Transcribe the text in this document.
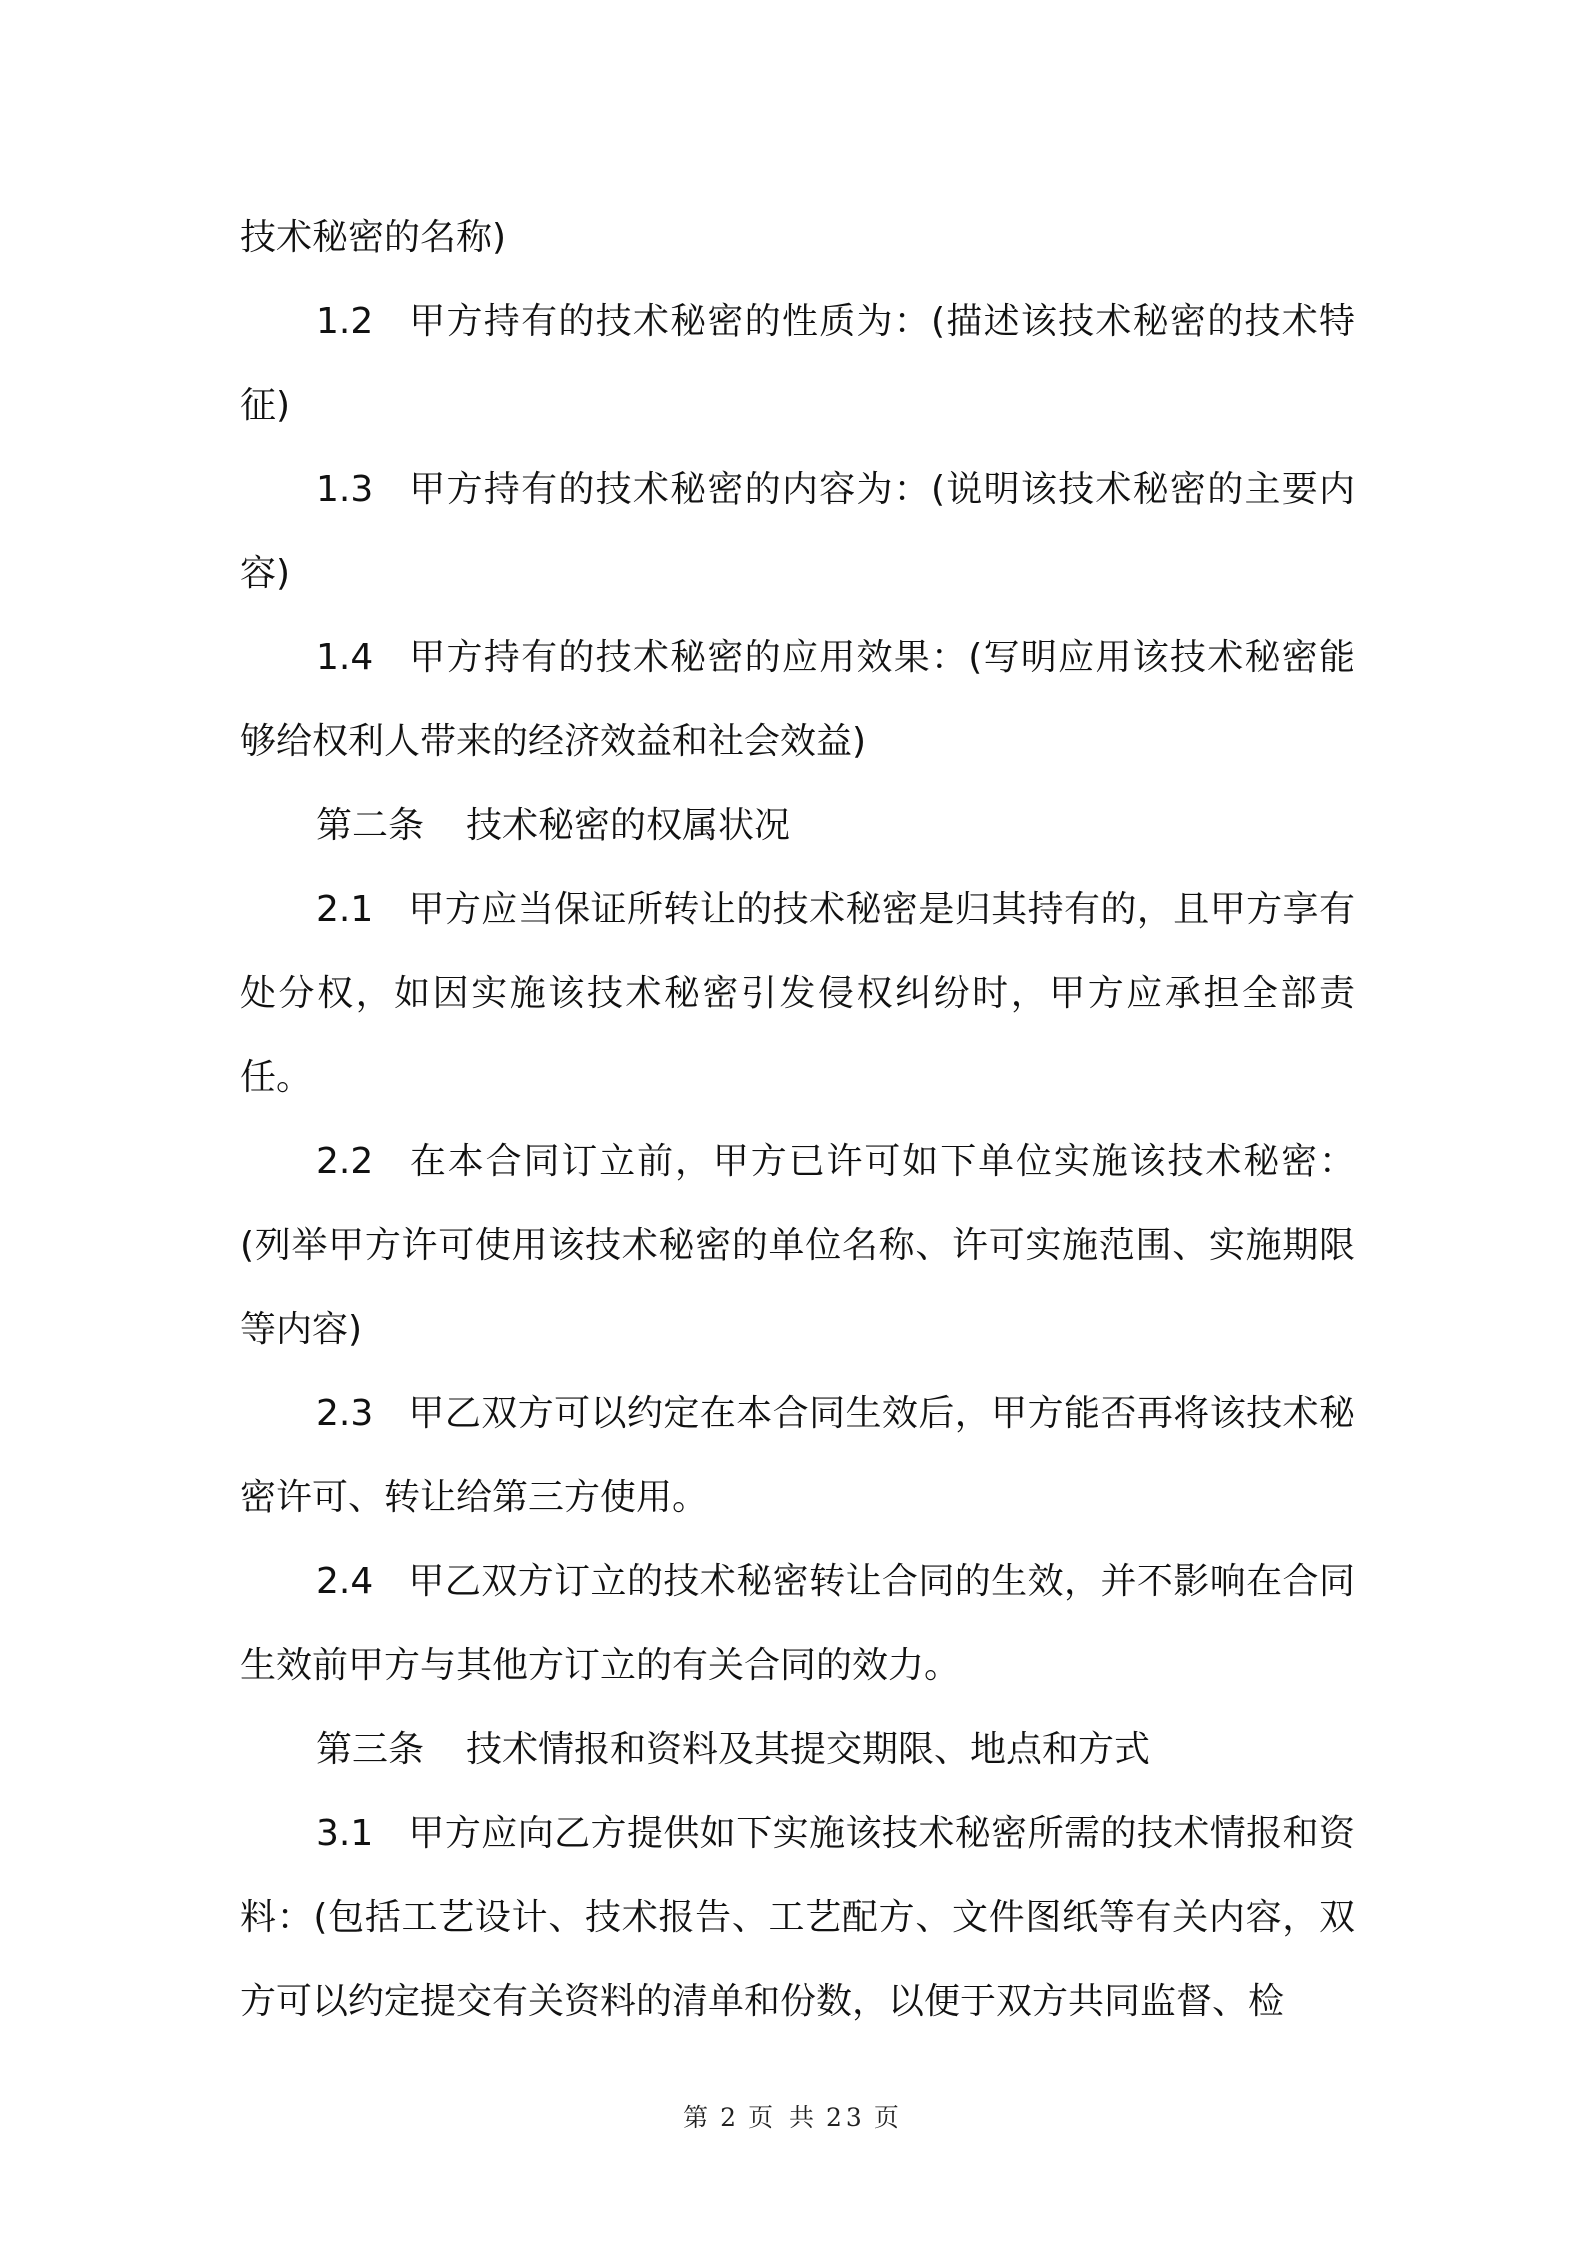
技术秘密的名称)

1.2 甲方持有的技术秘密的性质为：(描述该技术秘密的技术特征)

1.3 甲方持有的技术秘密的内容为：(说明该技术秘密的主要内容)

1.4 甲方持有的技术秘密的应用效果：(写明应用该技术秘密能够给权利人带来的经济效益和社会效益)

第二条 技术秘密的权属状况

2.1 甲方应当保证所转让的技术秘密是归其持有的，且甲方享有处分权，如因实施该技术秘密引发侵权纠纷时，甲方应承担全部责任。

2.2 在本合同订立前，甲方已许可如下单位实施该技术秘密：(列举甲方许可使用该技术秘密的单位名称、许可实施范围、实施期限等内容)

2.3 甲乙双方可以约定在本合同生效后，甲方能否再将该技术秘密许可、转让给第三方使用。

2.4 甲乙双方订立的技术秘密转让合同的生效，并不影响在合同生效前甲方与其他方订立的有关合同的效力。

第三条 技术情报和资料及其提交期限、地点和方式

3.1 甲方应向乙方提供如下实施该技术秘密所需的技术情报和资料：(包括工艺设计、技术报告、工艺配方、文件图纸等有关内容，双方可以约定提交有关资料的清单和份数，以便于双方共同监督、检

第 2 页 共 23 页
